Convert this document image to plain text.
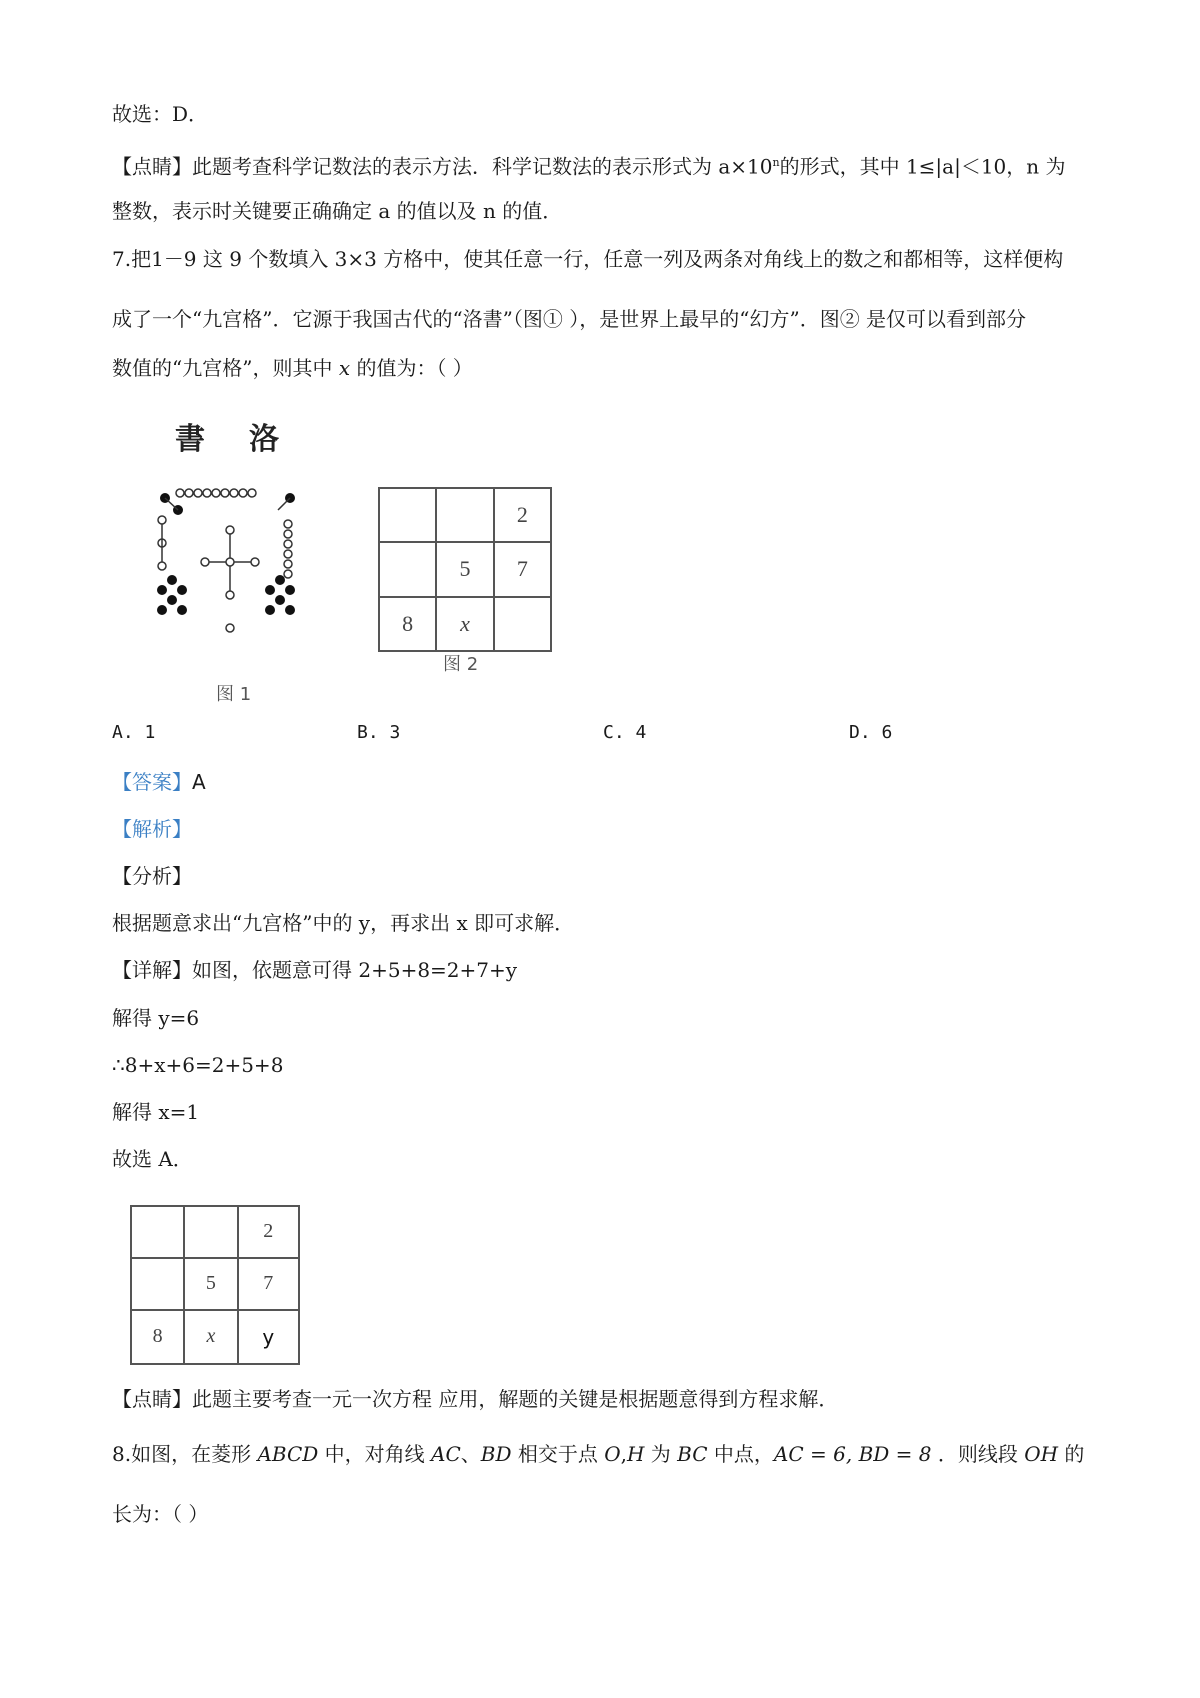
故选：D．
【点睛】此题考查科学记数法的表示方法．科学记数法的表示形式为 $a\times 10^n$的形式，其中 1≤|a|＜10，n 为
整数，表示时关键要正确确定 a 的值以及 n 的值．
7.把1－9 这 9 个数填入 3×3 方格中，使其任意一行，任意一列及两条对角线上的数之和都相等，这样便构
成了一个“九宫格”．它源于我国古代的“洛書”（图① ），是世界上最早的“幻方”．图② 是仅可以看到部分
数值的“九宫格”，则其中 x 的值为：（ ）
書洛
图 1
		2
	5	7
8	x	
图 2
A. 1	B. 3	C. 4	D. 6
【答案】A
【解析】
【分析】
根据题意求出“九宫格”中的 y，再求出 x 即可求解．
【详解】如图，依题意可得 2+5+8=2+7+y
解得 y=6
∴8+x+6=2+5+8
解得 x=1
故选 A．
		2
	5	7
8	x	y
【点睛】此题主要考查一元一次方程 应用，解题的关键是根据题意得到方程求解．
8.如图，在菱形 ABCD 中，对角线 AC、BD 相交于点 O,H 为 BC 中点，AC = 6, BD = 8 ．则线段 OH 的
长为：（ ）
